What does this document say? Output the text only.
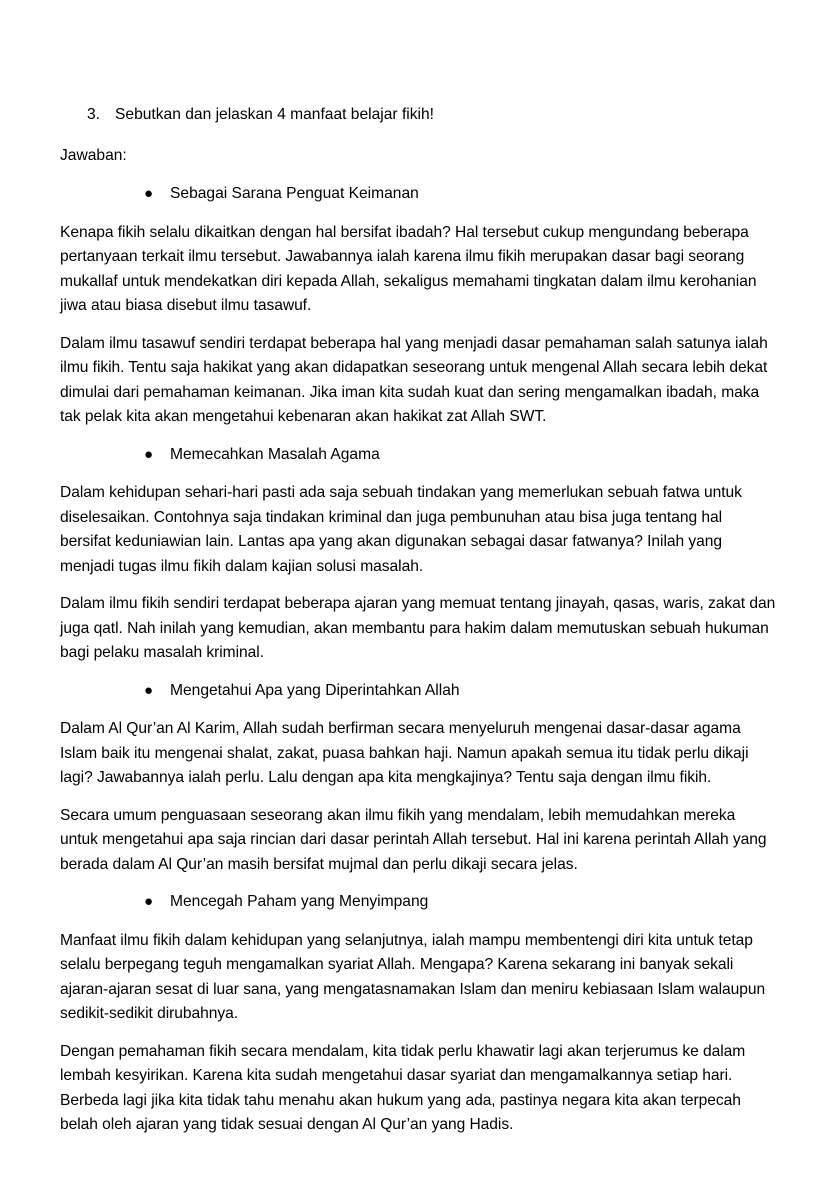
3. Sebutkan dan jelaskan 4 manfaat belajar fikih!

Jawaban:

● Sebagai Sarana Penguat Keimanan

Kenapa fikih selalu dikaitkan dengan hal bersifat ibadah? Hal tersebut cukup mengundang beberapa pertanyaan terkait ilmu tersebut. Jawabannya ialah karena ilmu fikih merupakan dasar bagi seorang mukallaf untuk mendekatkan diri kepada Allah, sekaligus memahami tingkatan dalam ilmu kerohanian jiwa atau biasa disebut ilmu tasawuf.

Dalam ilmu tasawuf sendiri terdapat beberapa hal yang menjadi dasar pemahaman salah satunya ialah ilmu fikih. Tentu saja hakikat yang akan didapatkan seseorang untuk mengenal Allah secara lebih dekat dimulai dari pemahaman keimanan. Jika iman kita sudah kuat dan sering mengamalkan ibadah, maka tak pelak kita akan mengetahui kebenaran akan hakikat zat Allah SWT.

● Memecahkan Masalah Agama

Dalam kehidupan sehari-hari pasti ada saja sebuah tindakan yang memerlukan sebuah fatwa untuk diselesaikan. Contohnya saja tindakan kriminal dan juga pembunuhan atau bisa juga tentang hal bersifat keduniawian lain. Lantas apa yang akan digunakan sebagai dasar fatwanya? Inilah yang menjadi tugas ilmu fikih dalam kajian solusi masalah.

Dalam ilmu fikih sendiri terdapat beberapa ajaran yang memuat tentang jinayah, qasas, waris, zakat dan juga qatl. Nah inilah yang kemudian, akan membantu para hakim dalam memutuskan sebuah hukuman bagi pelaku masalah kriminal.

● Mengetahui Apa yang Diperintahkan Allah

Dalam Al Qur’an Al Karim, Allah sudah berfirman secara menyeluruh mengenai dasar-dasar agama Islam baik itu mengenai shalat, zakat, puasa bahkan haji. Namun apakah semua itu tidak perlu dikaji lagi? Jawabannya ialah perlu. Lalu dengan apa kita mengkajinya? Tentu saja dengan ilmu fikih.

Secara umum penguasaan seseorang akan ilmu fikih yang mendalam, lebih memudahkan mereka untuk mengetahui apa saja rincian dari dasar perintah Allah tersebut. Hal ini karena perintah Allah yang berada dalam Al Qur’an masih bersifat mujmal dan perlu dikaji secara jelas.

● Mencegah Paham yang Menyimpang

Manfaat ilmu fikih dalam kehidupan yang selanjutnya, ialah mampu membentengi diri kita untuk tetap selalu berpegang teguh mengamalkan syariat Allah. Mengapa? Karena sekarang ini banyak sekali ajaran-ajaran sesat di luar sana, yang mengatasnamakan Islam dan meniru kebiasaan Islam walaupun sedikit-sedikit dirubahnya.

Dengan pemahaman fikih secara mendalam, kita tidak perlu khawatir lagi akan terjerumus ke dalam lembah kesyirikan. Karena kita sudah mengetahui dasar syariat dan mengamalkannya setiap hari. Berbeda lagi jika kita tidak tahu menahu akan hukum yang ada, pastinya negara kita akan terpecah belah oleh ajaran yang tidak sesuai dengan Al Qur’an yang Hadis.
